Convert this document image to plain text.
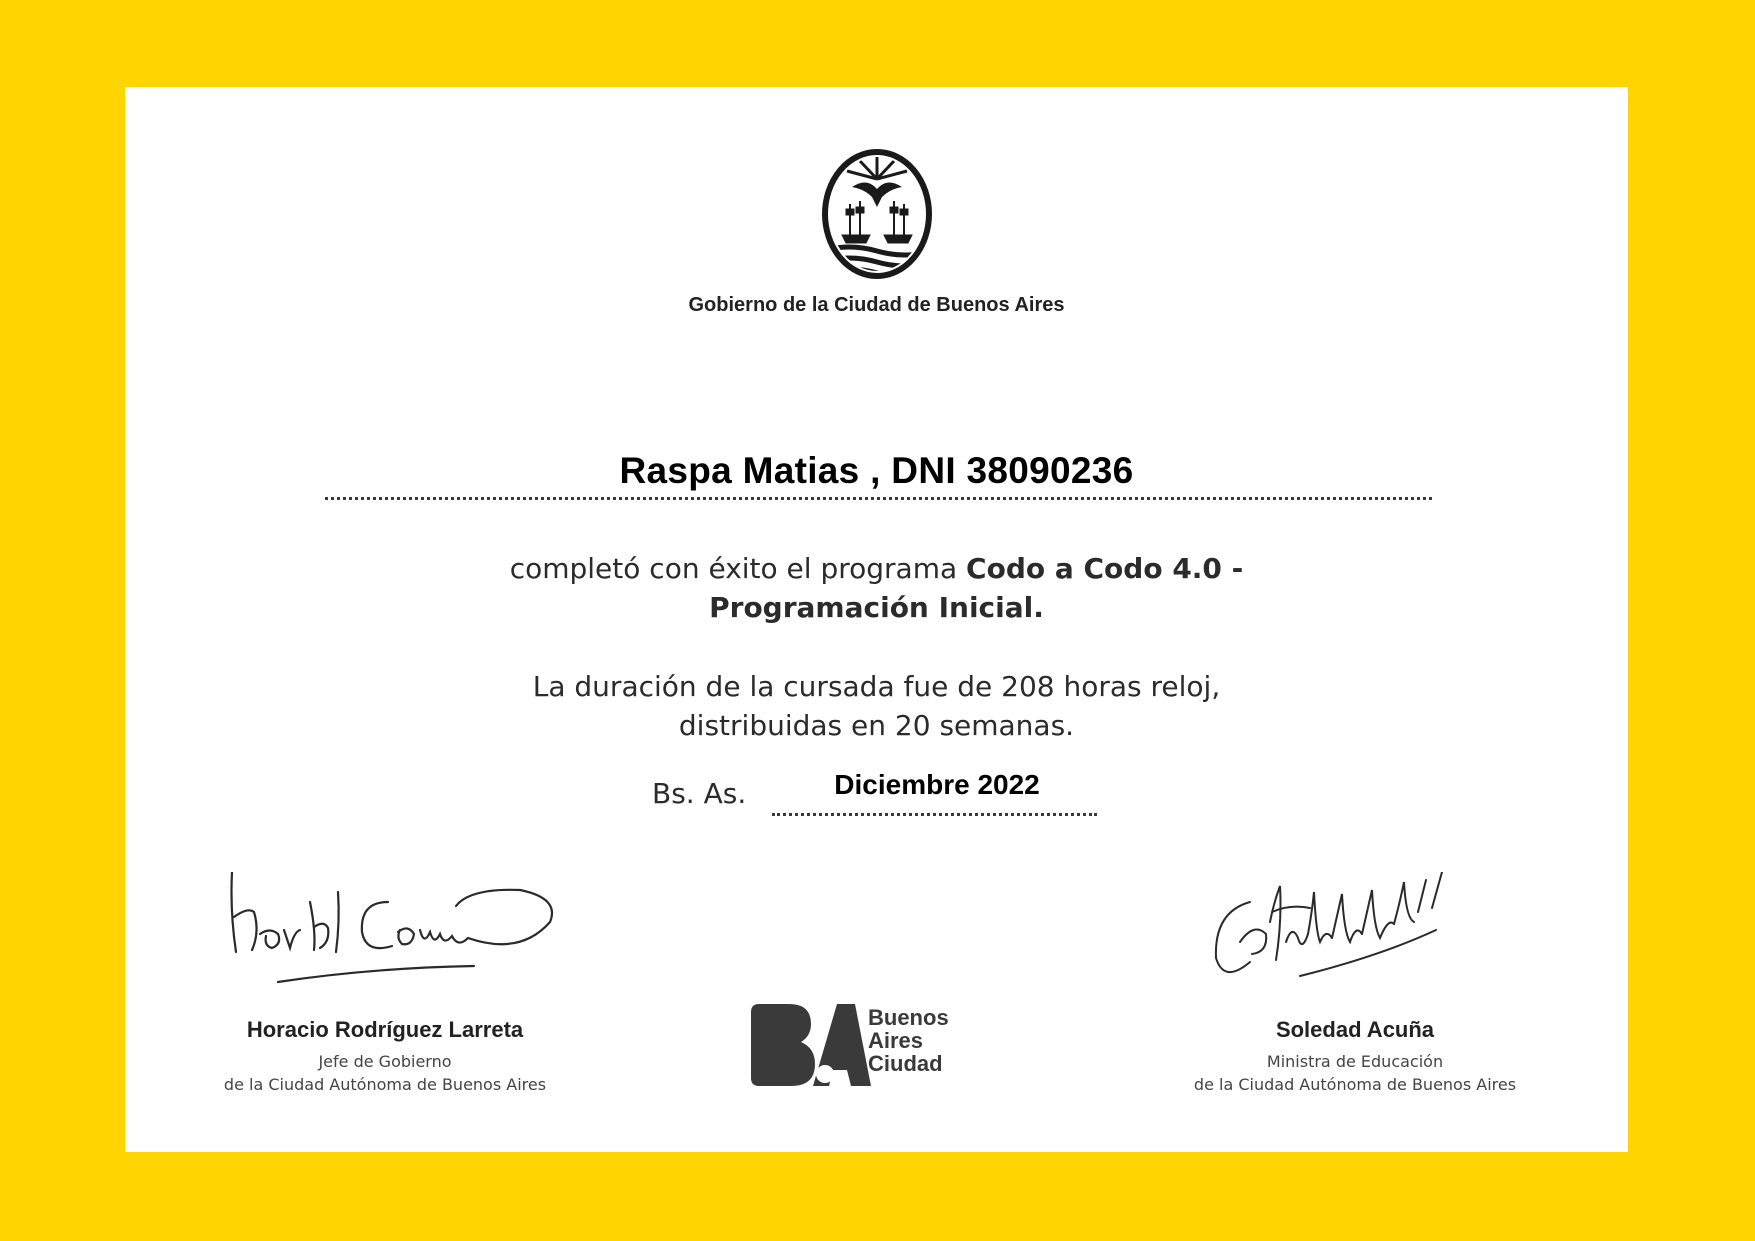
Gobierno de la Ciudad de Buenos Aires
Raspa Matias , DNI 38090236
completó con éxito el programa Codo a Codo 4.0 -
Programación Inicial.
La duración de la cursada fue de 208 horas reloj,
distribuidas en 20 semanas.
Bs. As.	Diciembre 2022
Horacio Rodríguez Larreta
Jefe de Gobierno
de la Ciudad Autónoma de Buenos Aires
Buenos
Aires
Ciudad
Soledad Acuña
Ministra de Educación
de la Ciudad Autónoma de Buenos Aires
